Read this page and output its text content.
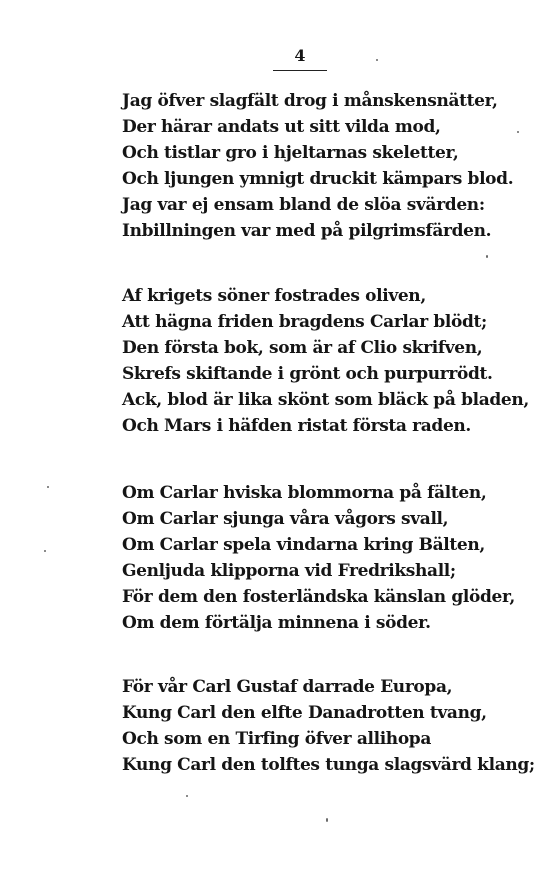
4
Jag öfver slagfält drog i månskensnätter,
Der härar andats ut sitt vilda mod,
Och tistlar gro i hjeltarnas skeletter,
Och ljungen ymnigt druckit kämpars blod.
Jag var ej ensam bland de slöa svärden:
Inbillningen var med på pilgrimsfärden.
Af krigets söner fostrades oliven,
Att hägna friden bragdens Carlar blödt;
Den första bok, som är af Clio skrifven,
Skrefs skiftande i grönt och purpurrödt.
Ack, blod är lika skönt som bläck på bladen,
Och Mars i häfden ristat första raden.
Om Carlar hviska blommorna på fälten,
Om Carlar sjunga våra vågors svall,
Om Carlar spela vindarna kring Bälten,
Genljuda klipporna vid Fredrikshall;
För dem den fosterländska känslan glöder,
Om dem förtälja minnena i söder.
För vår Carl Gustaf darrade Europa,
Kung Carl den elfte Danadrotten tvang,
Och som en Tirfing öfver allihopa
Kung Carl den tolftes tunga slagsvärd klang;
